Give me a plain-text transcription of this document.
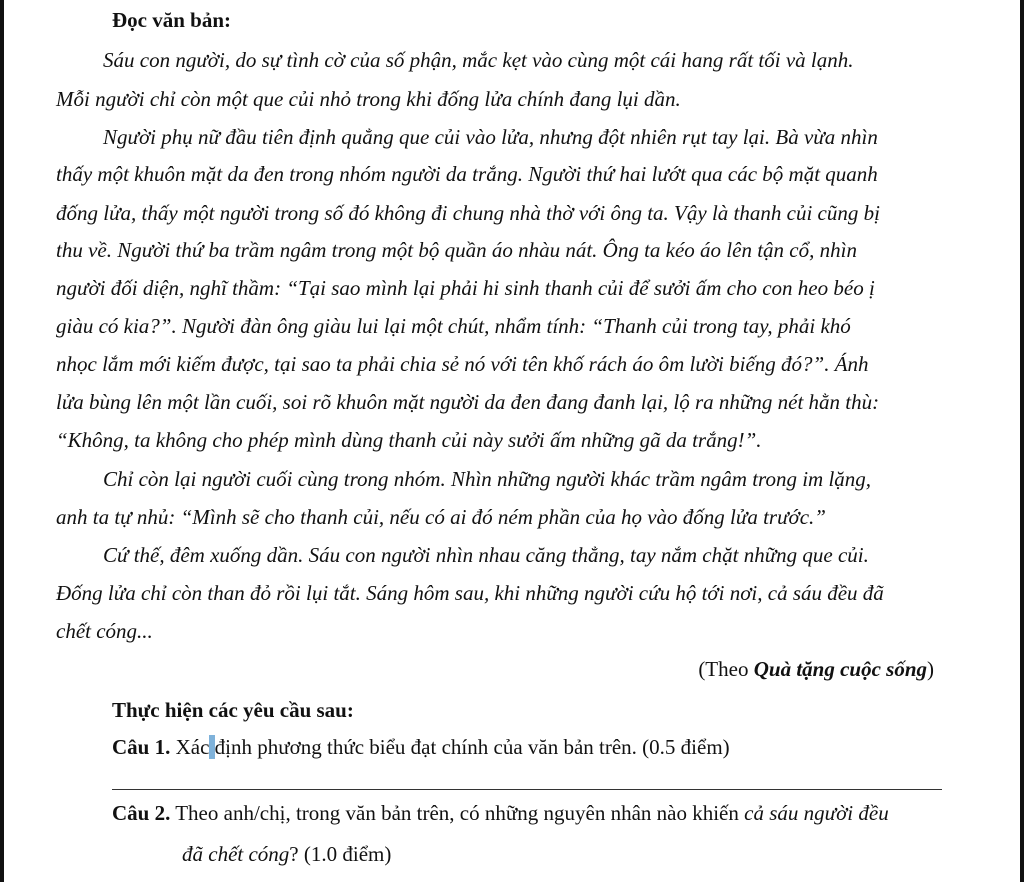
Đọc văn bản:
Sáu con người, do sự tình cờ của số phận, mắc kẹt vào cùng một cái hang rất tối và lạnh.
Mỗi người chỉ còn một que củi nhỏ trong khi đống lửa chính đang lụi dần.
Người phụ nữ đầu tiên định quẳng que củi vào lửa, nhưng đột nhiên rụt tay lại. Bà vừa nhìn
thấy một khuôn mặt da đen trong nhóm người da trắng. Người thứ hai lướt qua các bộ mặt quanh
đống lửa, thấy một người trong số đó không đi chung nhà thờ với ông ta. Vậy là thanh củi cũng bị
thu về. Người thứ ba trầm ngâm trong một bộ quần áo nhàu nát. Ông ta kéo áo lên tận cổ, nhìn
người đối diện, nghĩ thầm: “Tại sao mình lại phải hi sinh thanh củi để sưởi ấm cho con heo béo ị
giàu có kia?”. Người đàn ông giàu lui lại một chút, nhẩm tính: “Thanh củi trong tay, phải khó
nhọc lắm mới kiếm được, tại sao ta phải chia sẻ nó với tên khố rách áo ôm lười biếng đó?”. Ánh
lửa bùng lên một lần cuối, soi rõ khuôn mặt người da đen đang đanh lại, lộ ra những nét hằn thù:
“Không, ta không cho phép mình dùng thanh củi này sưởi ấm những gã da trắng!”.
Chỉ còn lại người cuối cùng trong nhóm. Nhìn những người khác trầm ngâm trong im lặng,
anh ta tự nhủ: “Mình sẽ cho thanh củi, nếu có ai đó ném phần của họ vào đống lửa trước.”
Cứ thế, đêm xuống dần. Sáu con người nhìn nhau căng thẳng, tay nắm chặt những que củi.
Đống lửa chỉ còn than đỏ rồi lụi tắt. Sáng hôm sau, khi những người cứu hộ tới nơi, cả sáu đều đã
chết cóng...
(Theo Quà tặng cuộc sống)
Thực hiện các yêu cầu sau:
Câu 1. Xác định phương thức biểu đạt chính của văn bản trên. (0.5 điểm)
Câu 2. Theo anh/chị, trong văn bản trên, có những nguyên nhân nào khiến cả sáu người đều
đã chết cóng? (1.0 điểm)
